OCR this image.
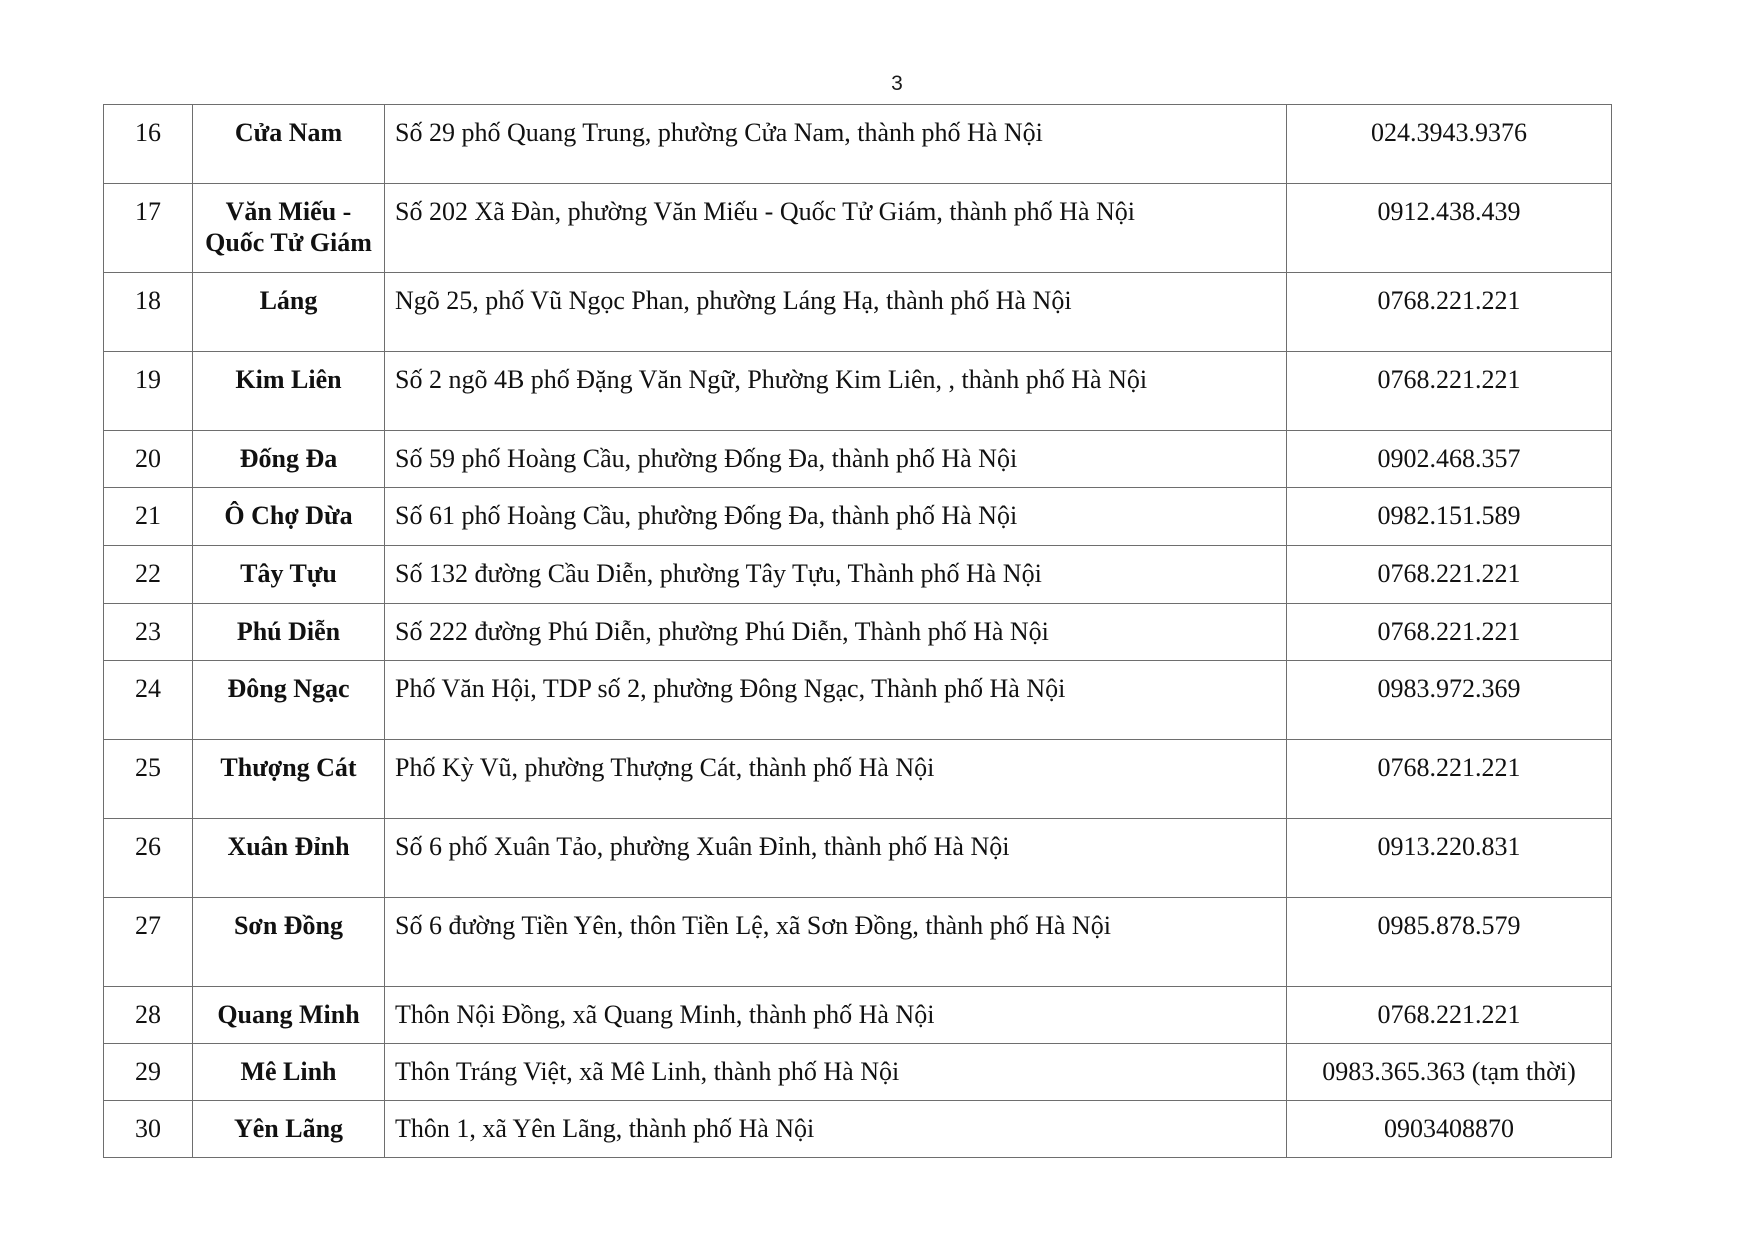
3
16	Cửa Nam	Số 29 phố Quang Trung, phường Cửa Nam, thành phố Hà Nội	024.3943.9376
17	Văn Miếu - Quốc Tử Giám	Số 202 Xã Đàn, phường Văn Miếu - Quốc Tử Giám, thành phố Hà Nội	0912.438.439
18	Láng	Ngõ 25, phố Vũ Ngọc Phan, phường Láng Hạ, thành phố Hà Nội	0768.221.221
19	Kim Liên	Số 2 ngõ 4B phố Đặng Văn Ngữ, Phường Kim Liên, , thành phố Hà Nội	0768.221.221
20	Đống Đa	Số 59 phố Hoàng Cầu, phường Đống Đa, thành phố Hà Nội	0902.468.357
21	Ô Chợ Dừa	Số 61 phố Hoàng Cầu, phường Đống Đa, thành phố Hà Nội	0982.151.589
22	Tây Tựu	Số 132 đường Cầu Diễn, phường Tây Tựu, Thành phố Hà Nội	0768.221.221
23	Phú Diễn	Số 222 đường Phú Diễn, phường Phú Diễn, Thành phố Hà Nội	0768.221.221
24	Đông Ngạc	Phố Văn Hội, TDP số 2, phường Đông Ngạc, Thành phố Hà Nội	0983.972.369
25	Thượng Cát	Phố Kỳ Vũ, phường Thượng Cát, thành phố Hà Nội	0768.221.221
26	Xuân Đỉnh	Số 6 phố Xuân Tảo, phường Xuân Đỉnh, thành phố Hà Nội	0913.220.831
27	Sơn Đồng	Số 6 đường Tiền Yên, thôn Tiền Lệ, xã Sơn Đồng, thành phố Hà Nội	0985.878.579
28	Quang Minh	Thôn Nội Đồng, xã Quang Minh, thành phố Hà Nội	0768.221.221
29	Mê Linh	Thôn Tráng Việt, xã Mê Linh, thành phố Hà Nội	0983.365.363 (tạm thời)
30	Yên Lãng	Thôn 1, xã Yên Lãng, thành phố Hà Nội	0903408870
